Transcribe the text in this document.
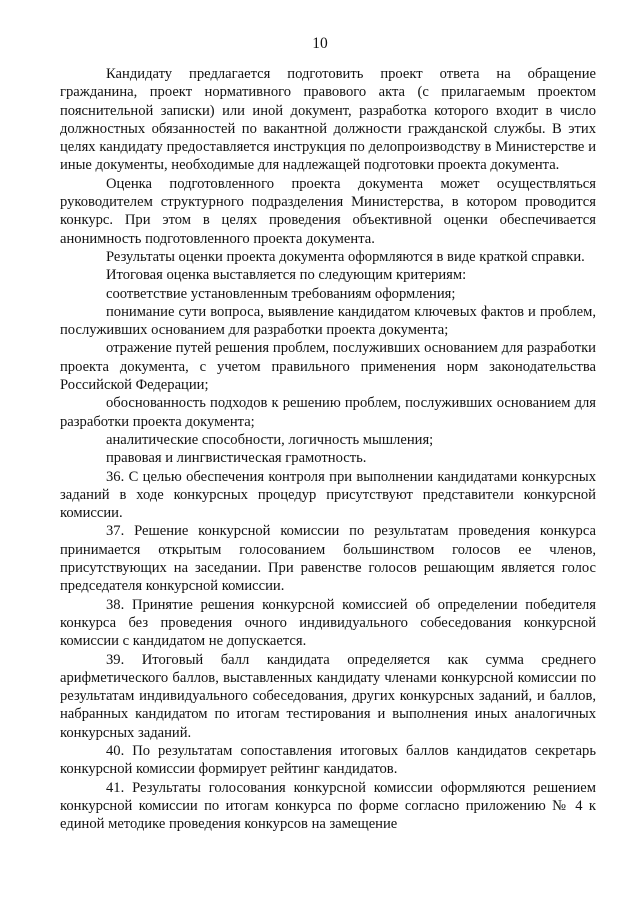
10

Кандидату предлагается подготовить проект ответа на обращение гражданина, проект нормативного правового акта (с прилагаемым проектом пояснительной записки) или иной документ, разработка которого входит в число должностных обязанностей по вакантной должности гражданской службы. В этих целях кандидату предоставляется инструкция по делопроизводству в Министерстве и иные документы, необходимые для надлежащей подготовки проекта документа.

Оценка подготовленного проекта документа может осуществляться руководителем структурного подразделения Министерства, в котором проводится конкурс. При этом в целях проведения объективной оценки обеспечивается анонимность подготовленного проекта документа.

Результаты оценки проекта документа оформляются в виде краткой справки.

Итоговая оценка выставляется по следующим критериям:

соответствие установленным требованиям оформления;

понимание сути вопроса, выявление кандидатом ключевых фактов и проблем, послуживших основанием для разработки проекта документа;

отражение путей решения проблем, послуживших основанием для разработки проекта документа, с учетом правильного применения норм законодательства Российской Федерации;

обоснованность подходов к решению проблем, послуживших основанием для разработки проекта документа;

аналитические способности, логичность мышления;

правовая и лингвистическая грамотность.

36. С целью обеспечения контроля при выполнении кандидатами конкурсных заданий в ходе конкурсных процедур присутствуют представители конкурсной комиссии.

37. Решение конкурсной комиссии по результатам проведения конкурса принимается открытым голосованием большинством голосов ее членов, присутствующих на заседании. При равенстве голосов решающим является голос председателя конкурсной комиссии.

38. Принятие решения конкурсной комиссией об определении победителя конкурса без проведения очного индивидуального собеседования конкурсной комиссии с кандидатом не допускается.

39. Итоговый балл кандидата определяется как сумма среднего арифметического баллов, выставленных кандидату членами конкурсной комиссии по результатам индивидуального собеседования, других конкурсных заданий, и баллов, набранных кандидатом по итогам тестирования и выполнения иных аналогичных конкурсных заданий.

40. По результатам сопоставления итоговых баллов кандидатов секретарь конкурсной комиссии формирует рейтинг кандидатов.

41. Результаты голосования конкурсной комиссии оформляются решением конкурсной комиссии по итогам конкурса по форме согласно приложению № 4 к единой методике проведения конкурсов на замещение
